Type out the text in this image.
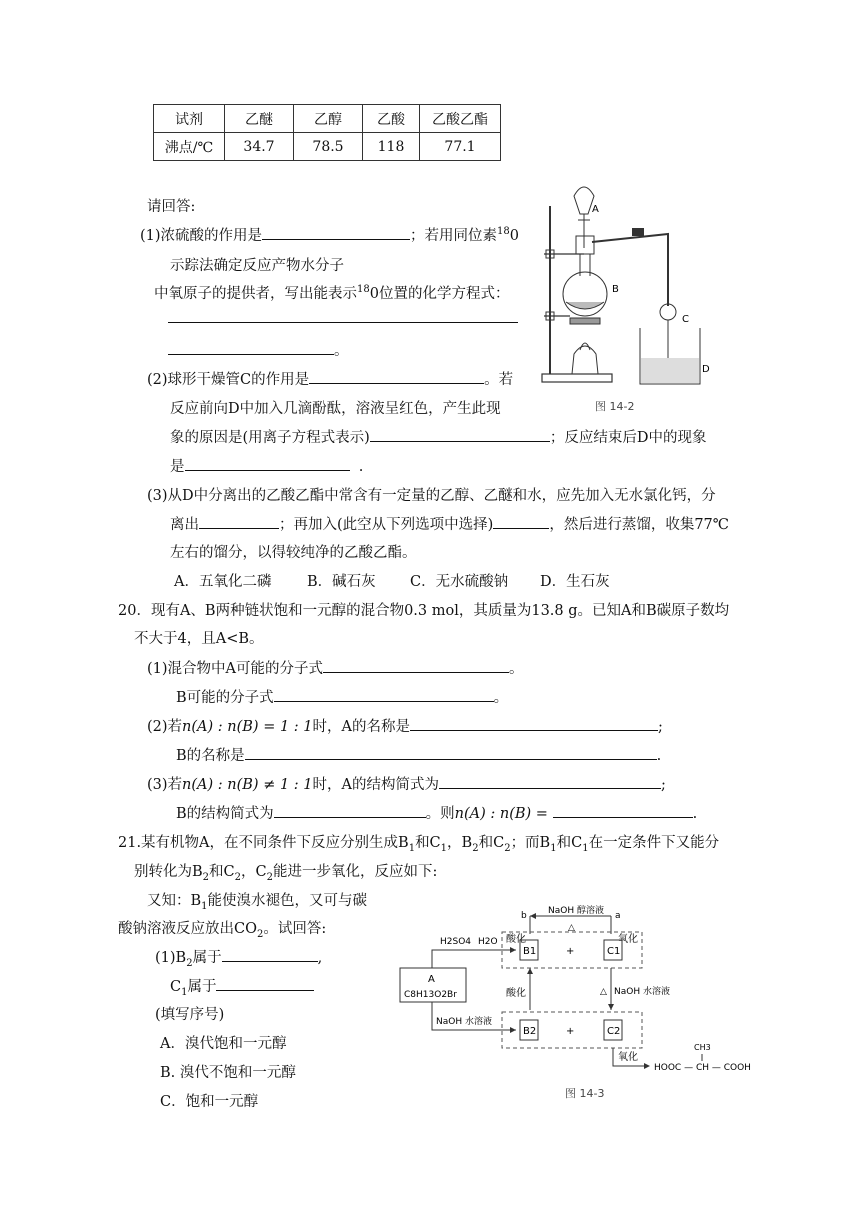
试剂	乙醚	乙醇	乙酸	乙酸乙酯
沸点/℃	34.7	78.5	118	77.1
请回答:
(1)浓硫酸的作用是	；若用同位素$^{18}$0
示踪法确定反应产物水分子
中氧原子的提供者，写出能表示$^{18}$0位置的化学方程式：
。
(2)球形干燥管C的作用是	。若
反应前向D中加入几滴酚酞，溶液呈红色，产生此现
象的原因是(用离子方程式表示)	；反应结束后D中的现象
是	.
(3)从D中分离出的乙酸乙酯中常含有一定量的乙醇、乙醚和水，应先加入无水氯化钙，分
离出	；再加入(此空从下列选项中选择)	，然后进行蒸馏，收集77℃
左右的馏分，以得较纯净的乙酸乙酯。
A．五氧化二磷 B．碱石灰 C．无水硫酸钠 D．生石灰
A
B
C
D
图 14-2
20．现有A、B两种链状饱和一元醇的混合物0.3 mol，其质量为13.8 g。已知A和B碳原子数均
不大于4，且A<B。
(1)混合物中A可能的分子式	。
B可能的分子式	。
(2)若n(A) : n(B) = 1 : 1时，A的名称是	;
B的名称是	.
(3)若n(A) : n(B) ≠ 1 : 1时，A的结构简式为	;
B的结构简式为	。则n(A) : n(B) =	.
21.某有机物A，在不同条件下反应分别生成$B_1$和$C_1$，$B_2$和$C_2$；而$B_1$和$C_1$在一定条件下又能分
别转化为$B_2$和$C_2$，$C_2$能进一步氧化，反应如下:
又知：$B_1$能使溴水褪色，又可与碳
酸钠溶液反应放出$CO_2$。试回答:
$(1)B_2$属于	,
$C_1$属于
(填写序号)
A．溴代饱和一元醇
B. 溴代不饱和一元醇
C．饱和一元醇
NaOH 醇溶液
△
a
b
酸化	氧化
B1	C1
+
A
C8H13O2Br
H2SO4 H2O
NaOH 水溶液
酸化	△ NaOH 水溶液
B2	C2
+
氧化
HOOC — CH — COOH
CH3
图 14-3
